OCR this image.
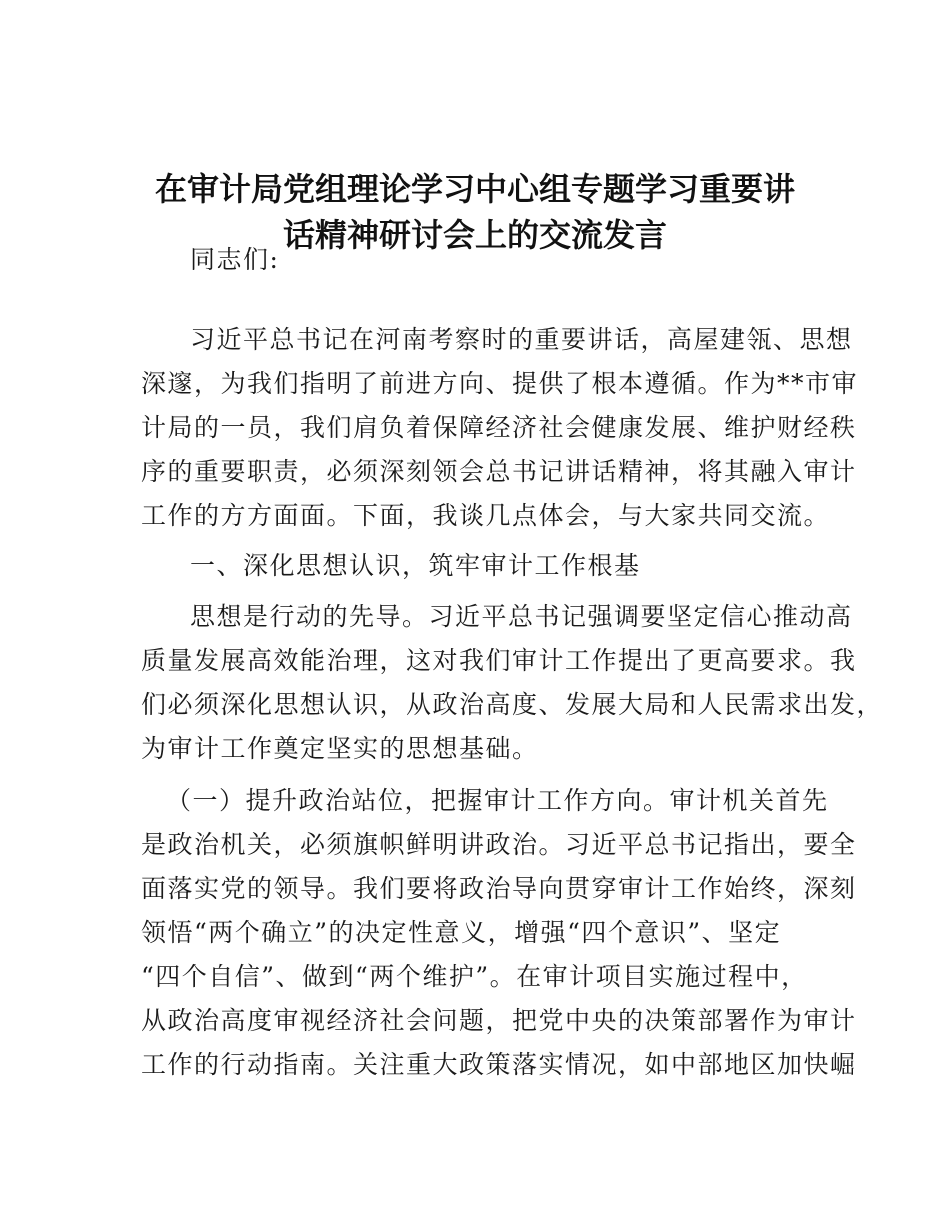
在审计局党组理论学习中心组专题学习重要讲
话精神研讨会上的交流发言
同志们:
习近平总书记在河南考察时的重要讲话，高屋建瓴、思想
深邃，为我们指明了前进方向、提供了根本遵循。作为**市审
计局的一员，我们肩负着保障经济社会健康发展、维护财经秩
序的重要职责，必须深刻领会总书记讲话精神，将其融入审计
工作的方方面面。下面，我谈几点体会，与大家共同交流。
一、深化思想认识，筑牢审计工作根基
思想是行动的先导。习近平总书记强调要坚定信心推动高
质量发展高效能治理，这对我们审计工作提出了更高要求。我
们必须深化思想认识，从政治高度、发展大局和人民需求出发，
为审计工作奠定坚实的思想基础。
（一）提升政治站位，把握审计工作方向。审计机关首先
是政治机关，必须旗帜鲜明讲政治。习近平总书记指出，要全
面落实党的领导。我们要将政治导向贯穿审计工作始终，深刻
领悟“两个确立”的决定性意义，增强“四个意识”、坚定
“四个自信”、做到“两个维护”。在审计项目实施过程中，
从政治高度审视经济社会问题，把党中央的决策部署作为审计
工作的行动指南。关注重大政策落实情况，如中部地区加快崛
